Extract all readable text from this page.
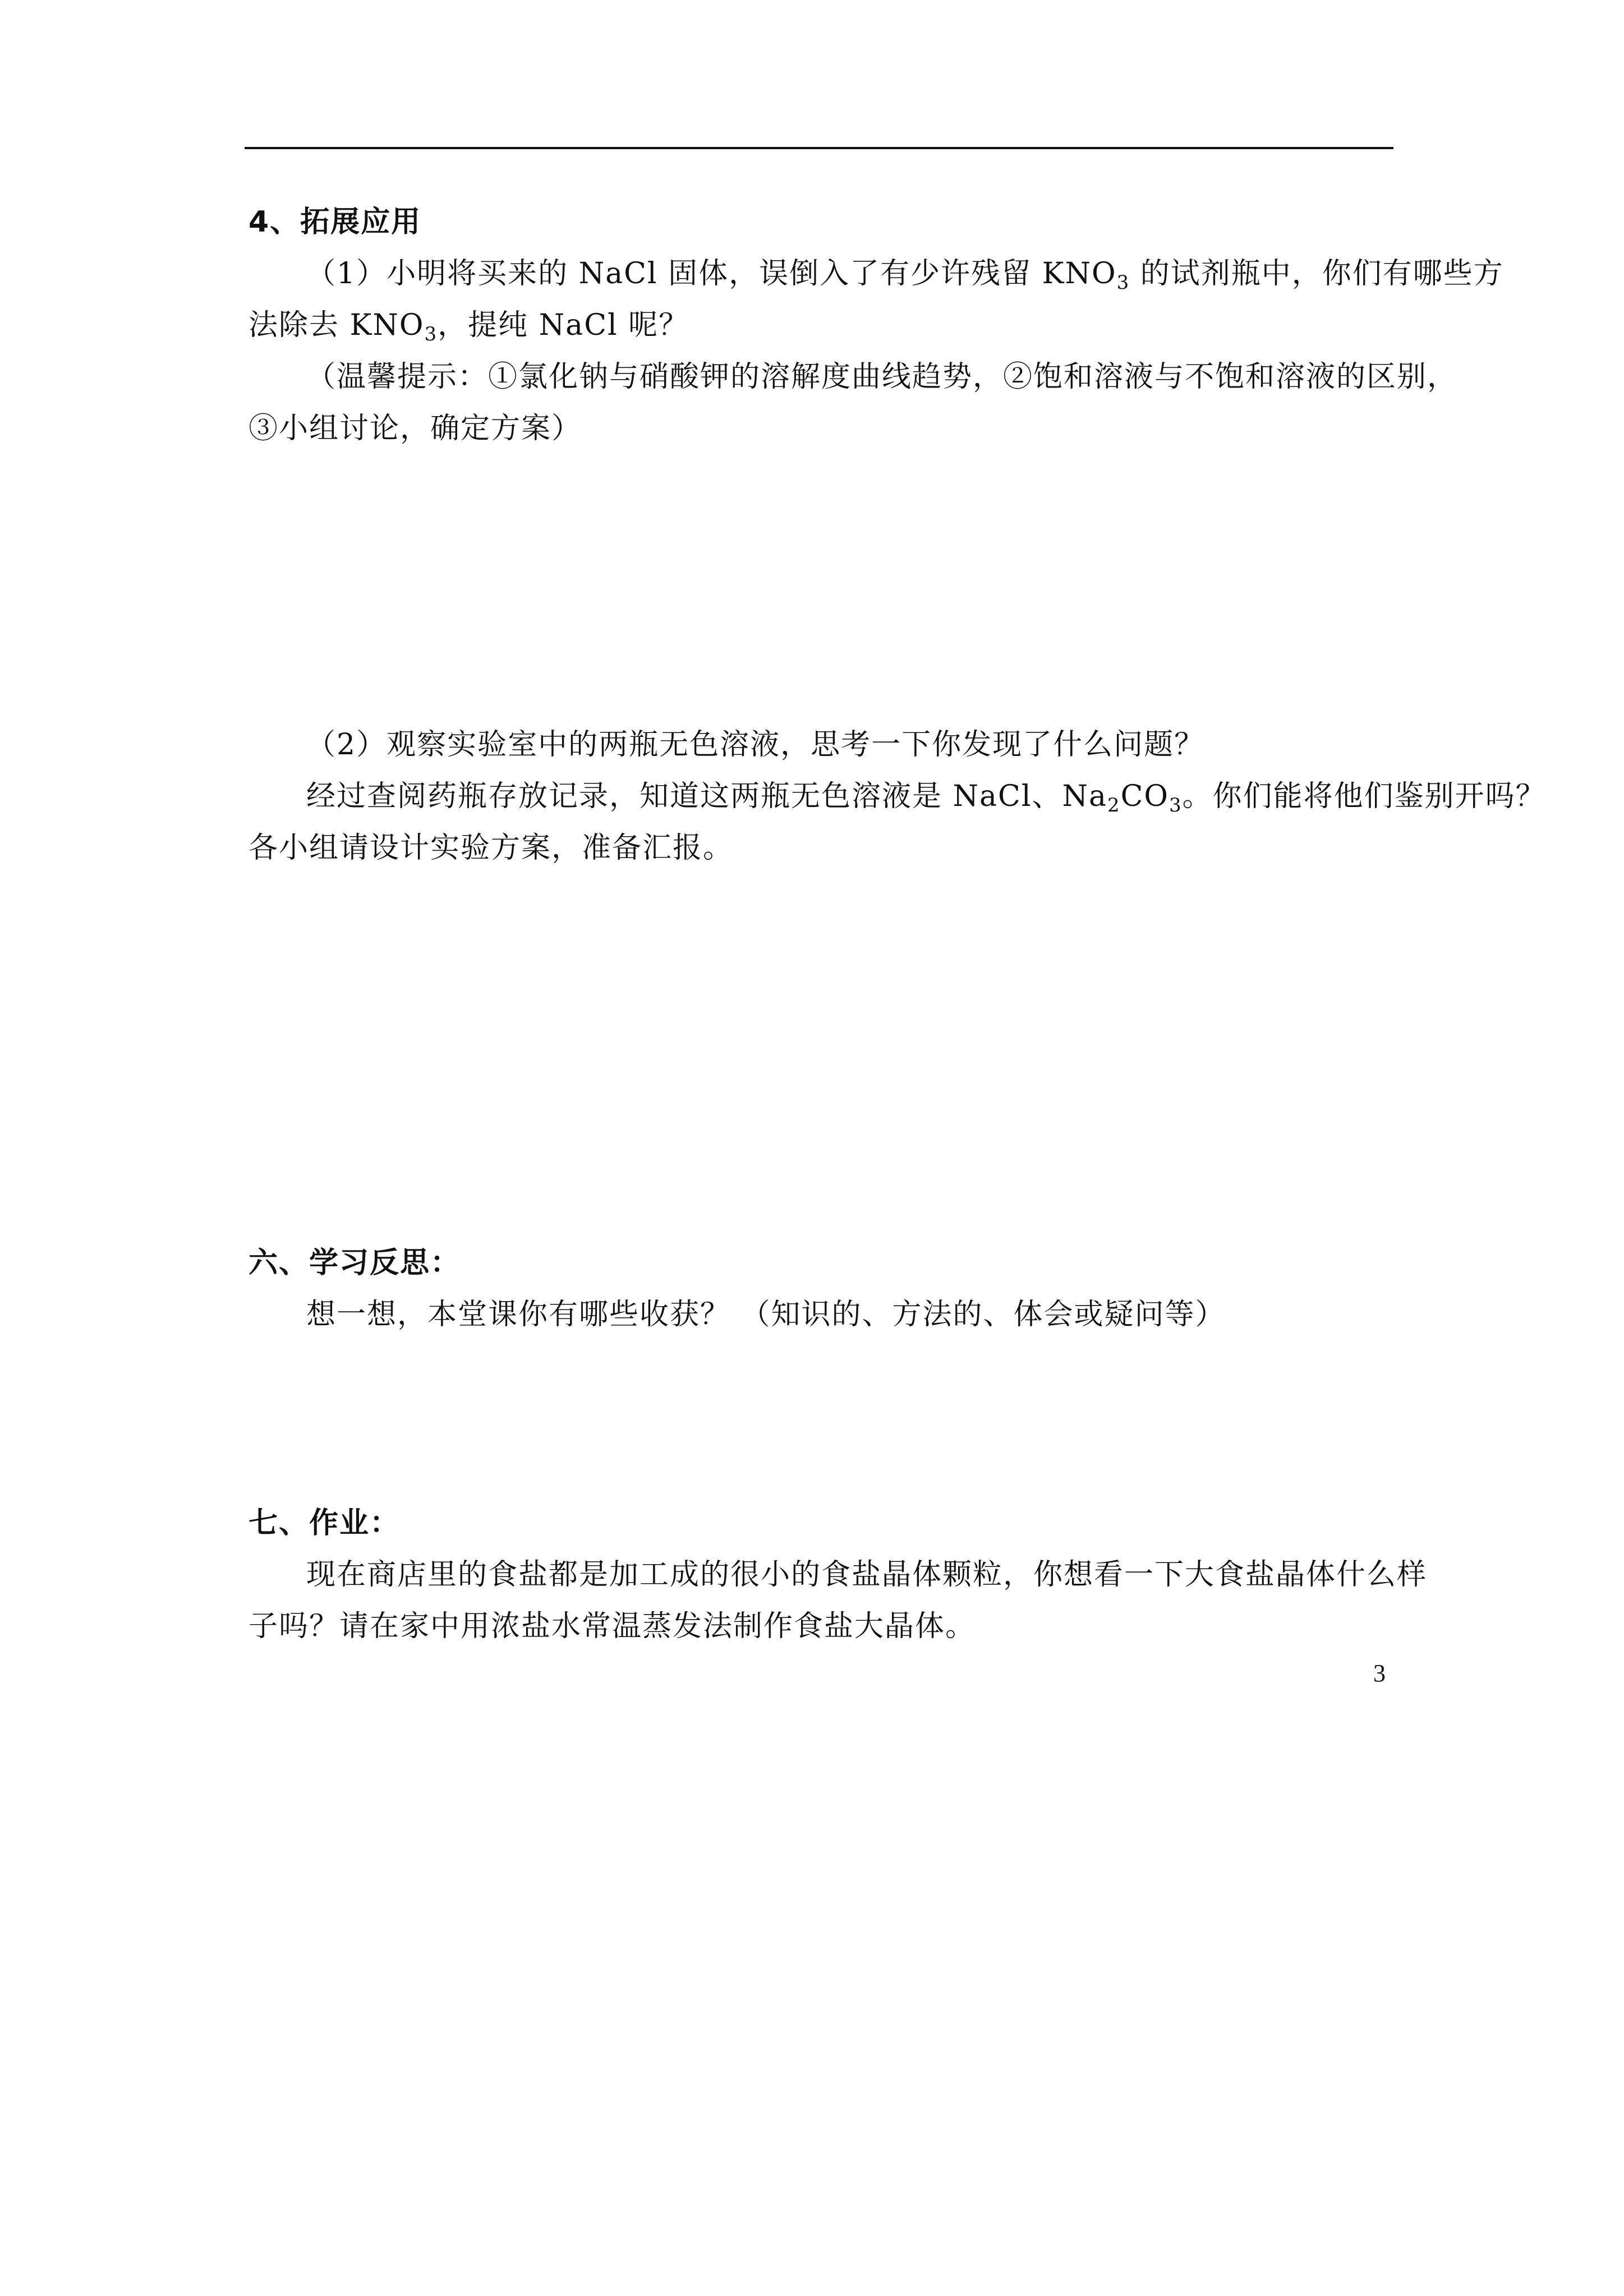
4、拓展应用
（1）小明将买来的 NaCl 固体，误倒入了有少许残留 $KNO_3$ 的试剂瓶中，你们有哪些方
法除去 $KNO_3$，提纯 NaCl 呢？
（温馨提示：①氯化钠与硝酸钾的溶解度曲线趋势，②饱和溶液与不饱和溶液的区别，
③小组讨论，确定方案）
（2）观察实验室中的两瓶无色溶液，思考一下你发现了什么问题？
经过查阅药瓶存放记录，知道这两瓶无色溶液是 NaCl、$Na_2CO_3$。你们能将他们鉴别开吗？
各小组请设计实验方案，准备汇报。
六、学习反思：
想一想，本堂课你有哪些收获？ （知识的、方法的、体会或疑问等）
七、作业：
现在商店里的食盐都是加工成的很小的食盐晶体颗粒，你想看一下大食盐晶体什么样
子吗？请在家中用浓盐水常温蒸发法制作食盐大晶体。
3
